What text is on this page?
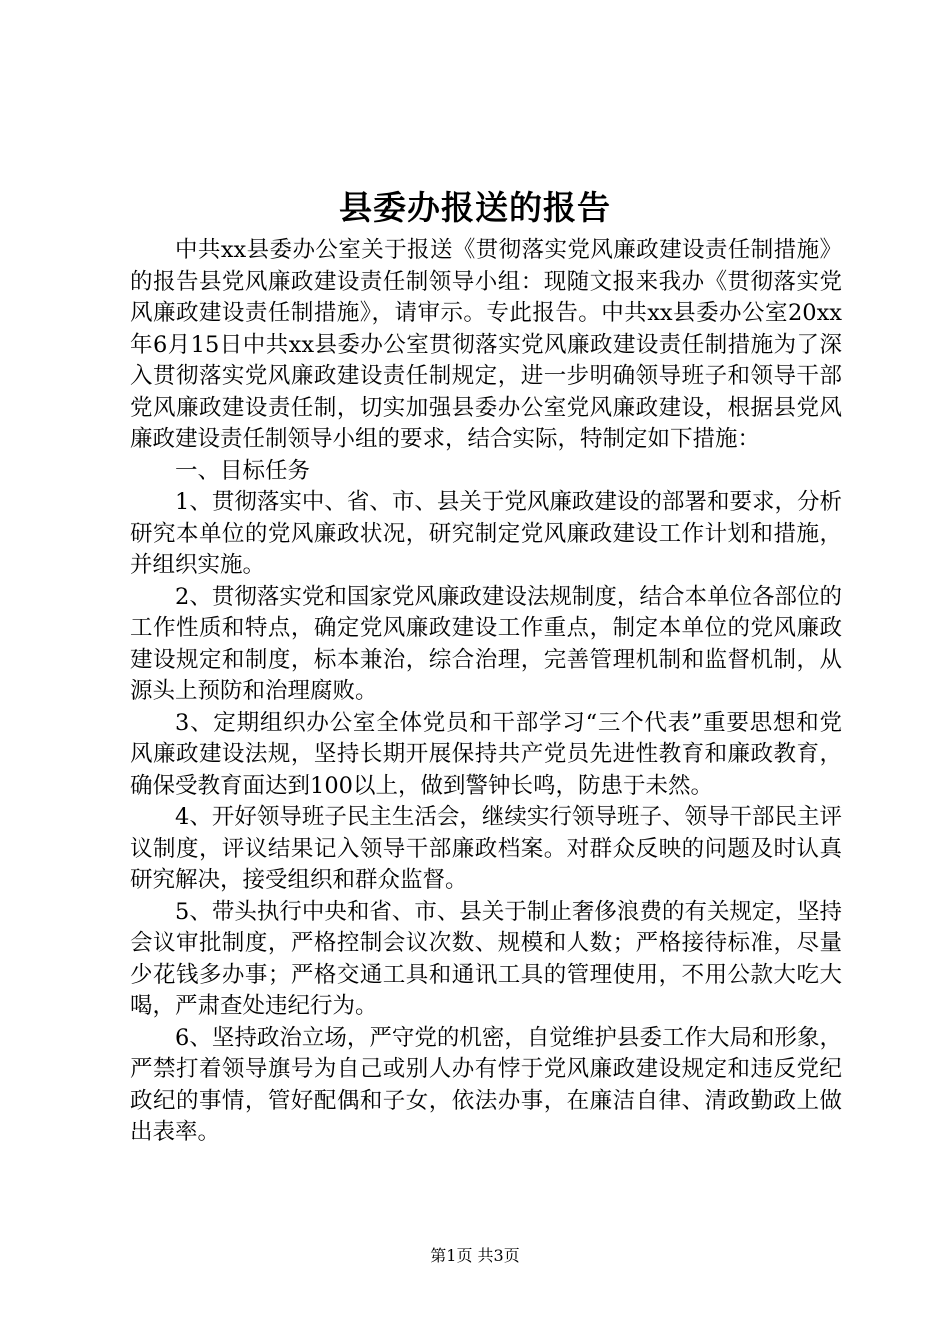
县委办报送的报告

中共xx县委办公室关于报送《贯彻落实党风廉政建设责任制措施》的报告县党风廉政建设责任制领导小组：现随文报来我办《贯彻落实党风廉政建设责任制措施》，请审示。专此报告。中共xx县委办公室20xx年6月15日中共xx县委办公室贯彻落实党风廉政建设责任制措施为了深入贯彻落实党风廉政建设责任制规定，进一步明确领导班子和领导干部党风廉政建设责任制，切实加强县委办公室党风廉政建设，根据县党风廉政建设责任制领导小组的要求，结合实际，特制定如下措施：

一、目标任务

1、贯彻落实中、省、市、县关于党风廉政建设的部署和要求，分析研究本单位的党风廉政状况，研究制定党风廉政建设工作计划和措施，并组织实施。

2、贯彻落实党和国家党风廉政建设法规制度，结合本单位各部位的工作性质和特点，确定党风廉政建设工作重点，制定本单位的党风廉政建设规定和制度，标本兼治，综合治理，完善管理机制和监督机制，从源头上预防和治理腐败。

3、定期组织办公室全体党员和干部学习“三个代表”重要思想和党风廉政建设法规，坚持长期开展保持共产党员先进性教育和廉政教育，确保受教育面达到100以上，做到警钟长鸣，防患于未然。

4、开好领导班子民主生活会，继续实行领导班子、领导干部民主评议制度，评议结果记入领导干部廉政档案。对群众反映的问题及时认真研究解决，接受组织和群众监督。

5、带头执行中央和省、市、县关于制止奢侈浪费的有关规定，坚持会议审批制度，严格控制会议次数、规模和人数；严格接待标准，尽量少花钱多办事；严格交通工具和通讯工具的管理使用，不用公款大吃大喝，严肃查处违纪行为。

6、坚持政治立场，严守党的机密，自觉维护县委工作大局和形象，严禁打着领导旗号为自己或别人办有悖于党风廉政建设规定和违反党纪政纪的事情，管好配偶和子女，依法办事，在廉洁自律、清政勤政上做出表率。

第1页 共3页
